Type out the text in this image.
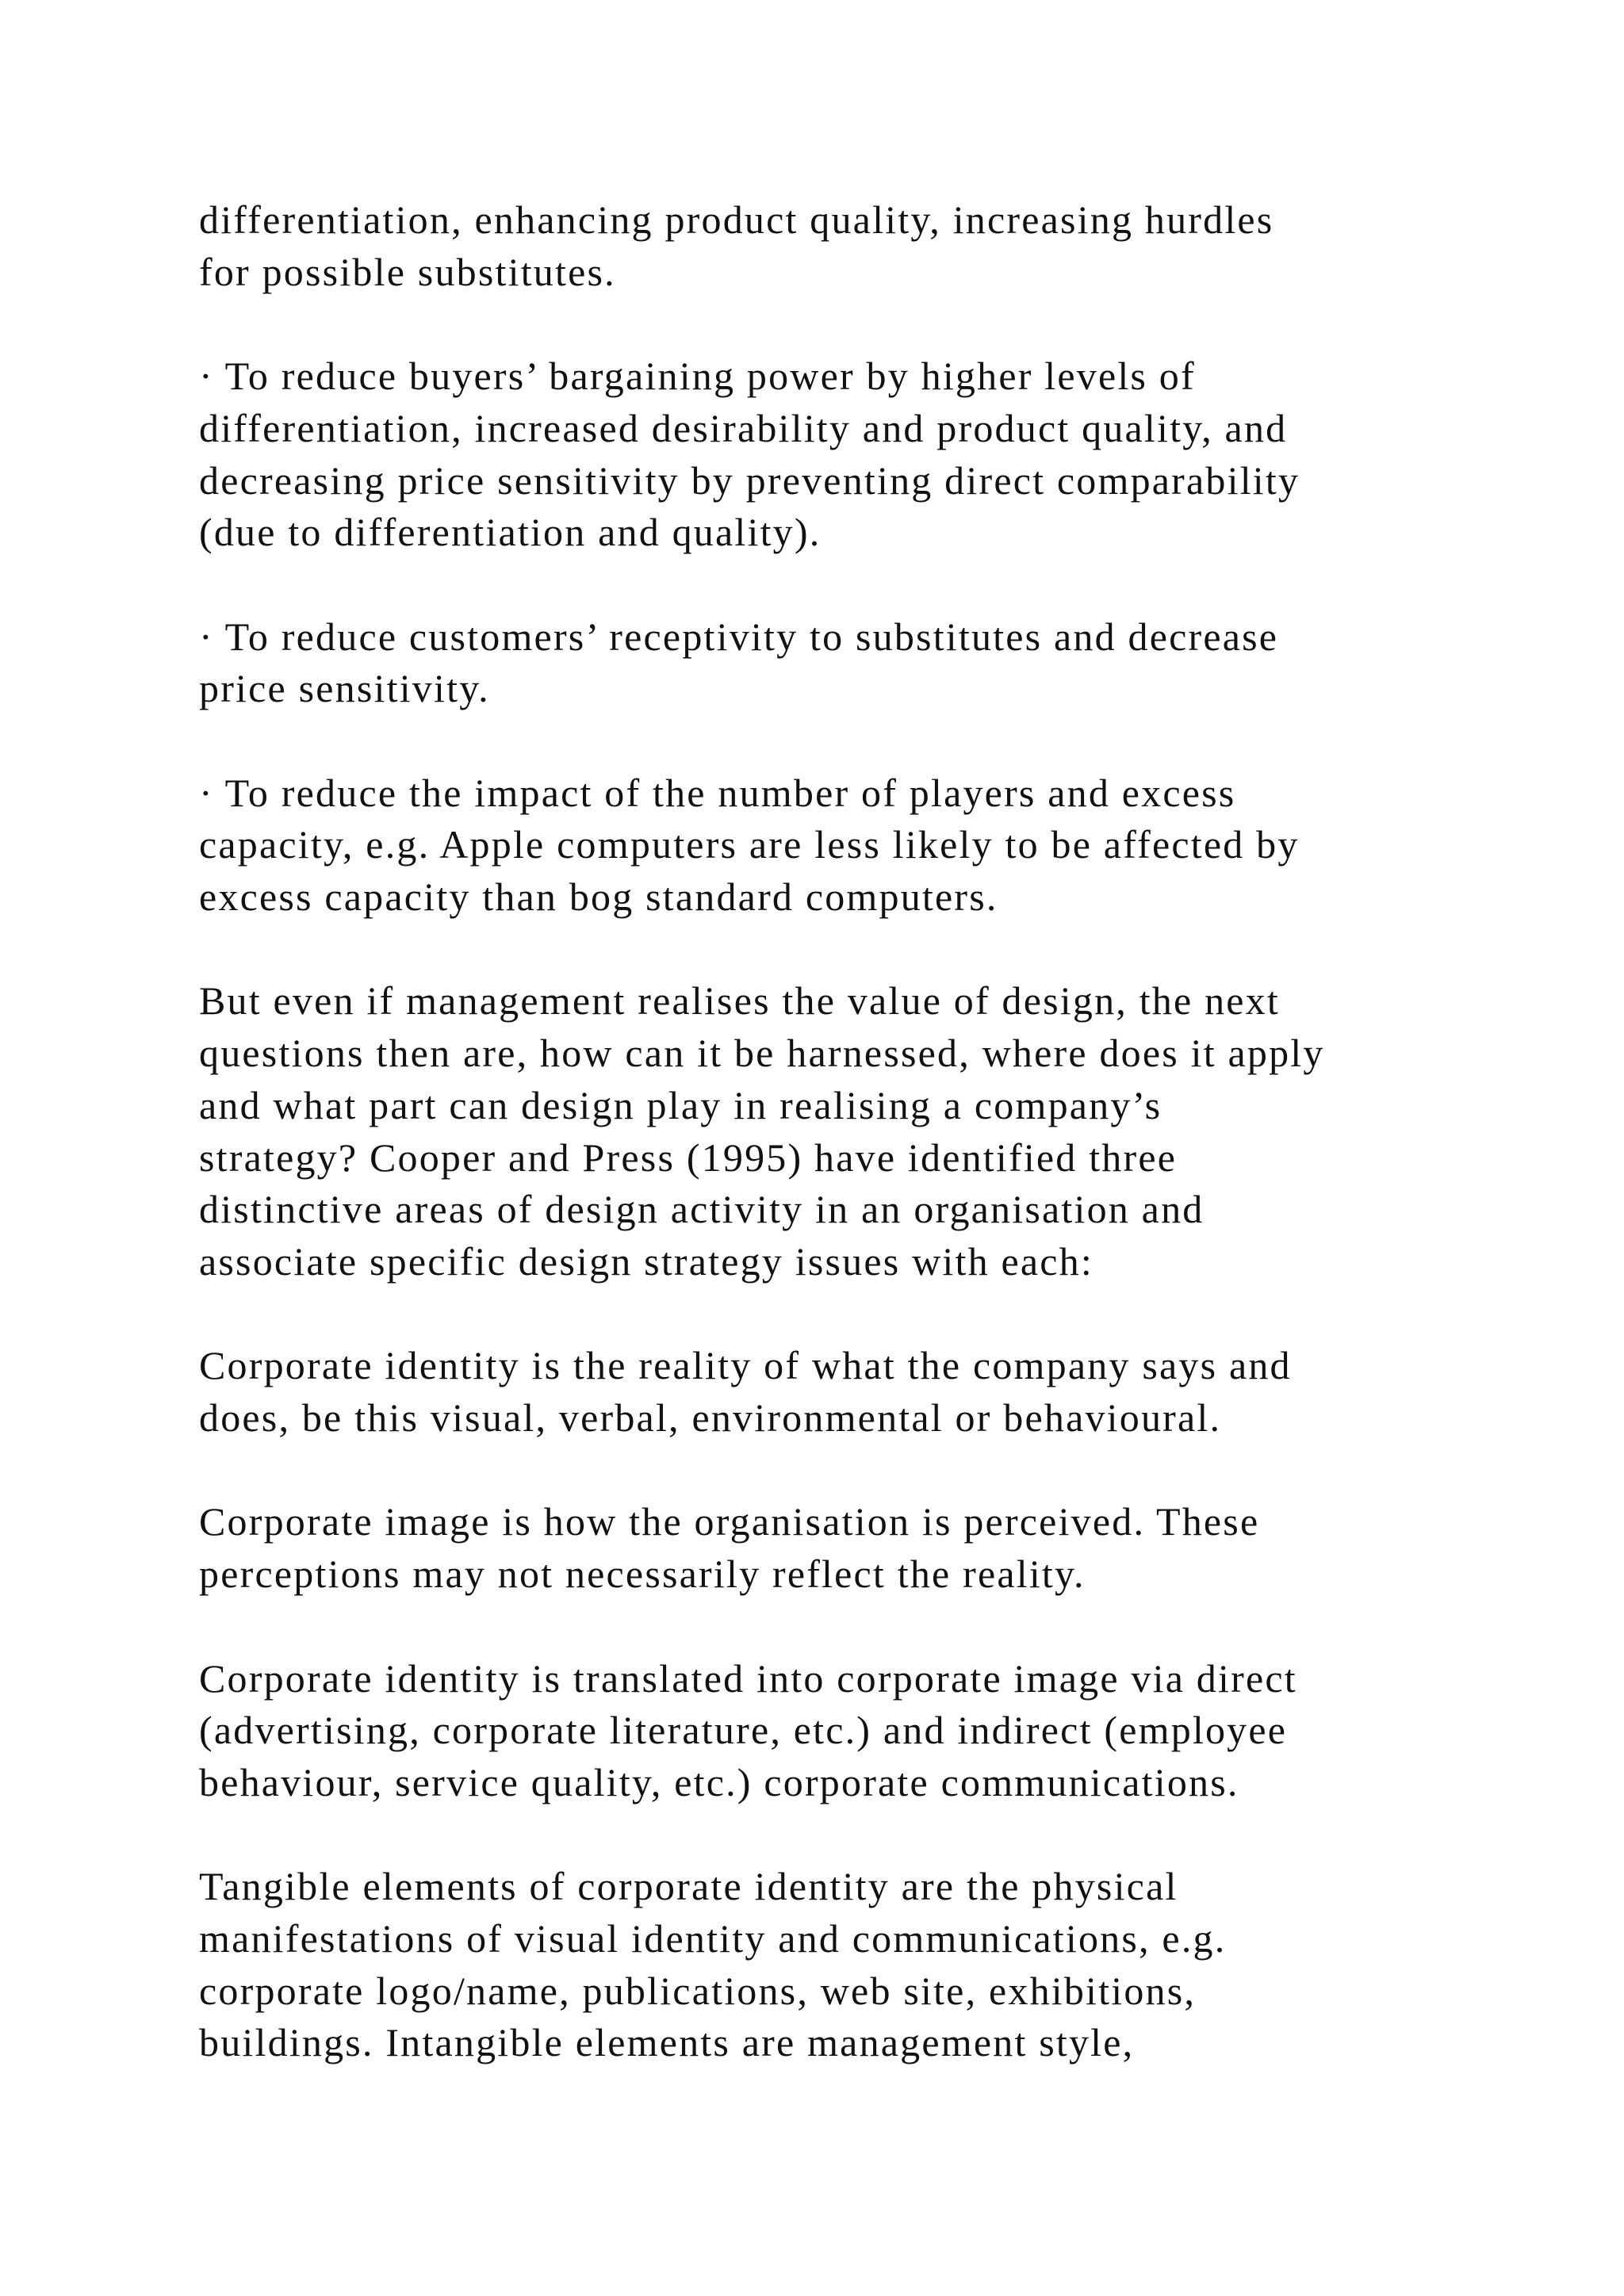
differentiation, enhancing product quality, increasing hurdles
for possible substitutes.

· To reduce buyers’ bargaining power by higher levels of
differentiation, increased desirability and product quality, and
decreasing price sensitivity by preventing direct comparability
(due to differentiation and quality).

· To reduce customers’ receptivity to substitutes and decrease
price sensitivity.

· To reduce the impact of the number of players and excess
capacity, e.g. Apple computers are less likely to be affected by
excess capacity than bog standard computers.

But even if management realises the value of design, the next
questions then are, how can it be harnessed, where does it apply
and what part can design play in realising a company’s
strategy? Cooper and Press (1995) have identified three
distinctive areas of design activity in an organisation and
associate specific design strategy issues with each:

Corporate identity is the reality of what the company says and
does, be this visual, verbal, environmental or behavioural.

Corporate image is how the organisation is perceived. These
perceptions may not necessarily reflect the reality.

Corporate identity is translated into corporate image via direct
(advertising, corporate literature, etc.) and indirect (employee
behaviour, service quality, etc.) corporate communications.

Tangible elements of corporate identity are the physical
manifestations of visual identity and communications, e.g.
corporate logo/name, publications, web site, exhibitions,
buildings. Intangible elements are management style,
